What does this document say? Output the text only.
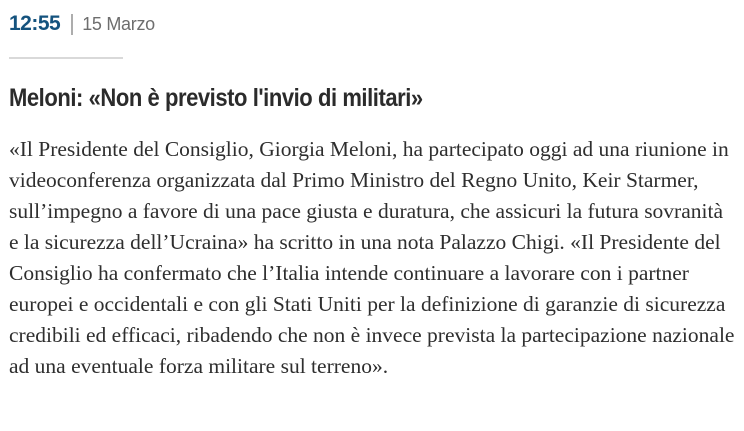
12:55 15 Marzo
Meloni: «Non è previsto l'invio di militari»

«Il Presidente del Consiglio, Giorgia Meloni, ha partecipato oggi ad una riunione in videoconferenza organizzata dal Primo Ministro del Regno Unito, Keir Starmer, sull’impegno a favore di una pace giusta e duratura, che assicuri la futura sovranità e la sicurezza dell’Ucraina» ha scritto in una nota Palazzo Chigi. «Il Presidente del Consiglio ha confermato che l’Italia intende continuare a lavorare con i partner europei e occidentali e con gli Stati Uniti per la definizione di garanzie di sicurezza credibili ed efficaci, ribadendo che non è invece prevista la partecipazione nazionale ad una eventuale forza militare sul terreno».
